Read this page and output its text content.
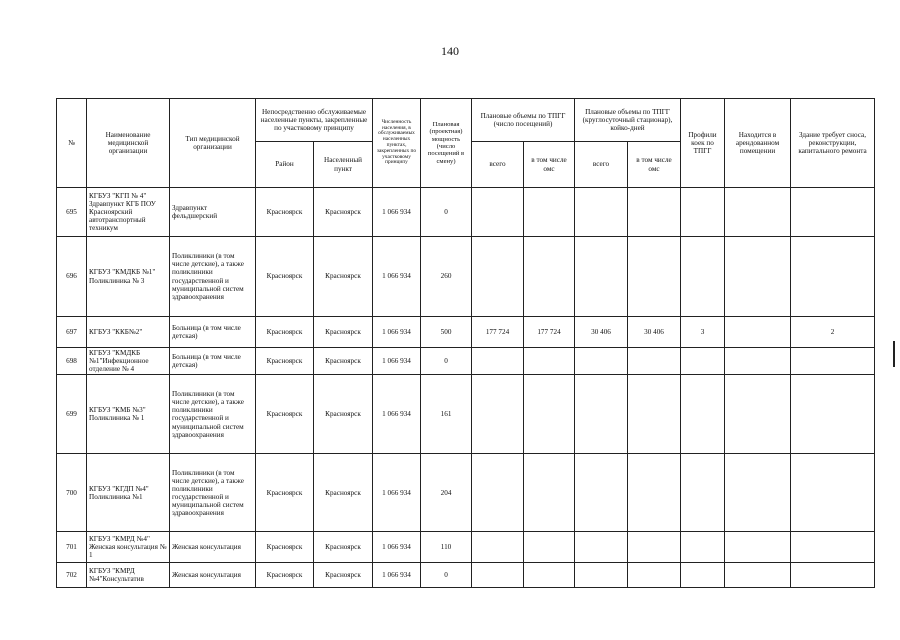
140
№	Наименование медицинской организации	Тип медицинской организации	Непосредственно обслуживаемые населенные пункты, закрепленные по участковому принципу		Численность населения, в обслуживаемых населенных пунктах, закрепленных по участковому принципу	Плановая (проектная) мощность (число посещений в смену)	Плановые объемы по ТПГГ (число посещений)		Плановые объемы по ТПГГ (круглосуточный стационар), койко-дней		Профили коек по ТПГГ	Находится в арендованном помещении	Здание требует сноса, реконструкции, капитального ремонта
			Район	Населенный пункт			всего	в том числе омс	всего	в том числе омс			
695	КГБУЗ "КГП № 4" Здравпункт КГБ ПОУ Красноярский автотранспортный техникум	Здравпункт фельдшерский	Красноярск	Красноярск	1 066 934	0							
696	КГБУЗ "КМДКБ №1" Поликлиника № 3	Поликлиники (в том числе детские), а также поликлиники государственной и муниципальной систем здравоохранения	Красноярск	Красноярск	1 066 934	260							
697	КГБУЗ "ККБ№2"	Больница (в том числе детская)	Красноярск	Красноярск	1 066 934	500	177 724	177 724	30 406	30 406	3		2
698	КГБУЗ "КМДКБ №1"Инфекционное отделение № 4	Больница (в том числе детская)	Красноярск	Красноярск	1 066 934	0							
699	КГБУЗ "КМБ №3" Поликлиника № 1	Поликлиники (в том числе детские), а также поликлиники государственной и муниципальной систем здравоохранения	Красноярск	Красноярск	1 066 934	161							
700	КГБУЗ "КГДП №4" Поликлиника №1	Поликлиники (в том числе детские), а также поликлиники государственной и муниципальной систем здравоохранения	Красноярск	Красноярск	1 066 934	204							
701	КГБУЗ "КМРД №4" Женская консультация № 1	Женская консультация	Красноярск	Красноярск	1 066 934	110							
702	КГБУЗ "КМРД №4"Консультатив	Женская консультация	Красноярск	Красноярск	1 066 934	0							
